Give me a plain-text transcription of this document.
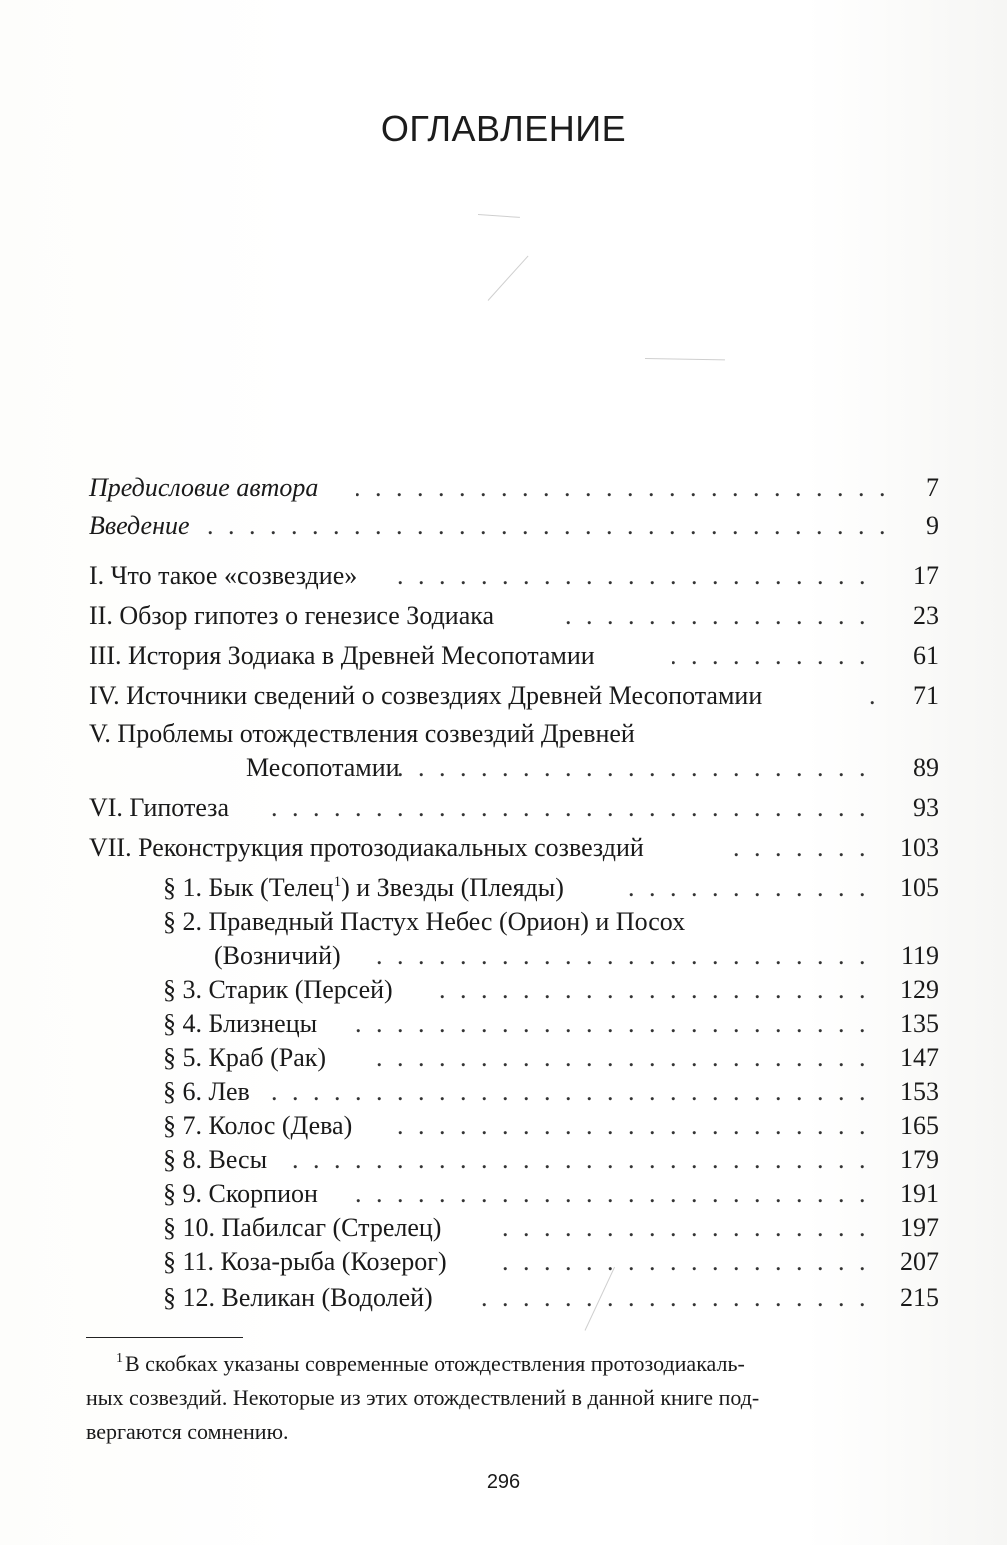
ОГЛАВЛЕНИЕ
Предисловие автора . . .	7
Введение . . .	9
I. Что такое «созвездие» . . .	17
II. Обзор гипотез о генезисе Зодиака . . .	23
III. История Зодиака в Древней Месопотамии . . .	61
IV. Источники сведений о созвездиях Древней Месопотамии . . .	71
V. Проблемы отождествления созвездий Древней
Месопотамии . . .	89
VI. Гипотеза . . .	93
VII. Реконструкция протозодиакальных созвездий . . .	103
§ 1. Бык (Телец$^1$) и Звезды (Плеяды) . . .	105
§ 2. Праведный Пастух Небес (Орион) и Посох
(Возничий) . . .	119
§ 3. Старик (Персей) . . .	129
§ 4. Близнецы . . .	135
§ 5. Краб (Рак) . . .	147
§ 6. Лев . . .	153
§ 7. Колос (Дева) . . .	165
§ 8. Весы . . .	179
§ 9. Скорпион . . .	191
§ 10. Пабилсаг (Стрелец) . . .	197
§ 11. Коза-рыба (Козерог) . . .	207
§ 12. Великан (Водолей) . . .	215
$^1$В скобках указаны современные отождествления протозодиакаль-
ных созвездий. Некоторые из этих отождествлений в данной книге под-
вергаются сомнению.
296
